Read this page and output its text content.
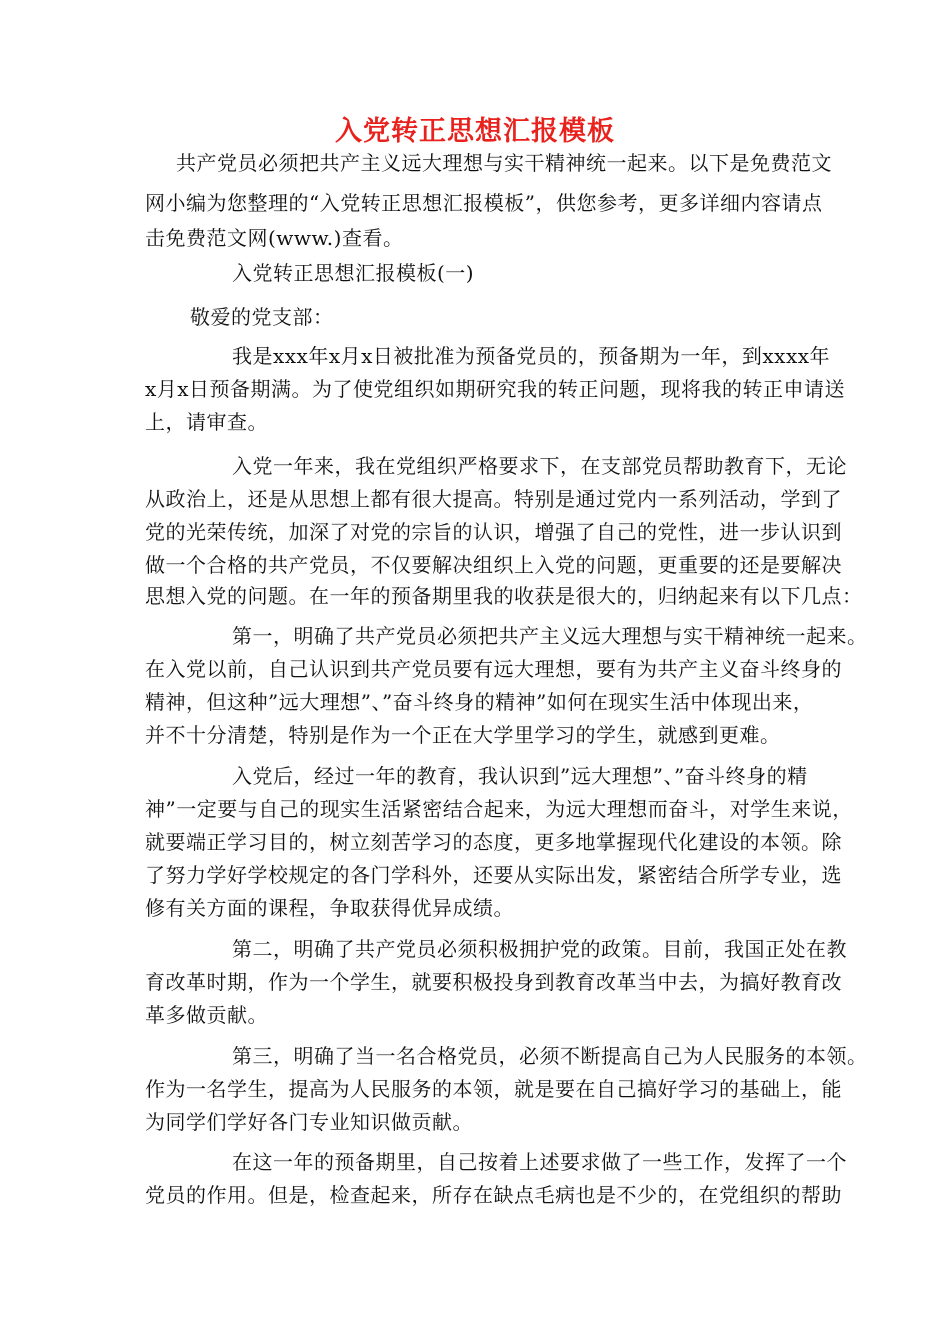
入党转正思想汇报模板
共产党员必须把共产主义远大理想与实干精神统一起来。以下是免费范文
网小编为您整理的“入党转正思想汇报模板”，供您参考，更多详细内容请点
击免费范文网(www.)查看。
入党转正思想汇报模板(一)
敬爱的党支部：
我是xxx年x月x日被批准为预备党员的，预备期为一年，到xxxx年
x月x日预备期满。为了使党组织如期研究我的转正问题，现将我的转正申请送
上，请审查。
入党一年来，我在党组织严格要求下，在支部党员帮助教育下，无论
从政治上，还是从思想上都有很大提高。特别是通过党内一系列活动，学到了
党的光荣传统，加深了对党的宗旨的认识，增强了自己的党性，进一步认识到
做一个合格的共产党员，不仅要解决组织上入党的问题，更重要的还是要解决
思想入党的问题。在一年的预备期里我的收获是很大的，归纳起来有以下几点：
第一，明确了共产党员必须把共产主义远大理想与实干精神统一起来。
在入党以前，自己认识到共产党员要有远大理想，要有为共产主义奋斗终身的
精神，但这种”远大理想”、”奋斗终身的精神”如何在现实生活中体现出来，
并不十分清楚，特别是作为一个正在大学里学习的学生，就感到更难。
入党后，经过一年的教育，我认识到”远大理想”、”奋斗终身的精
神”一定要与自己的现实生活紧密结合起来，为远大理想而奋斗，对学生来说，
就要端正学习目的，树立刻苦学习的态度，更多地掌握现代化建设的本领。除
了努力学好学校规定的各门学科外，还要从实际出发，紧密结合所学专业，选
修有关方面的课程，争取获得优异成绩。
第二，明确了共产党员必须积极拥护党的政策。目前，我国正处在教
育改革时期，作为一个学生，就要积极投身到教育改革当中去，为搞好教育改
革多做贡献。
第三，明确了当一名合格党员，必须不断提高自己为人民服务的本领。
作为一名学生，提高为人民服务的本领，就是要在自己搞好学习的基础上，能
为同学们学好各门专业知识做贡献。
在这一年的预备期里，自己按着上述要求做了一些工作，发挥了一个
党员的作用。但是，检查起来，所存在缺点毛病也是不少的，在党组织的帮助
